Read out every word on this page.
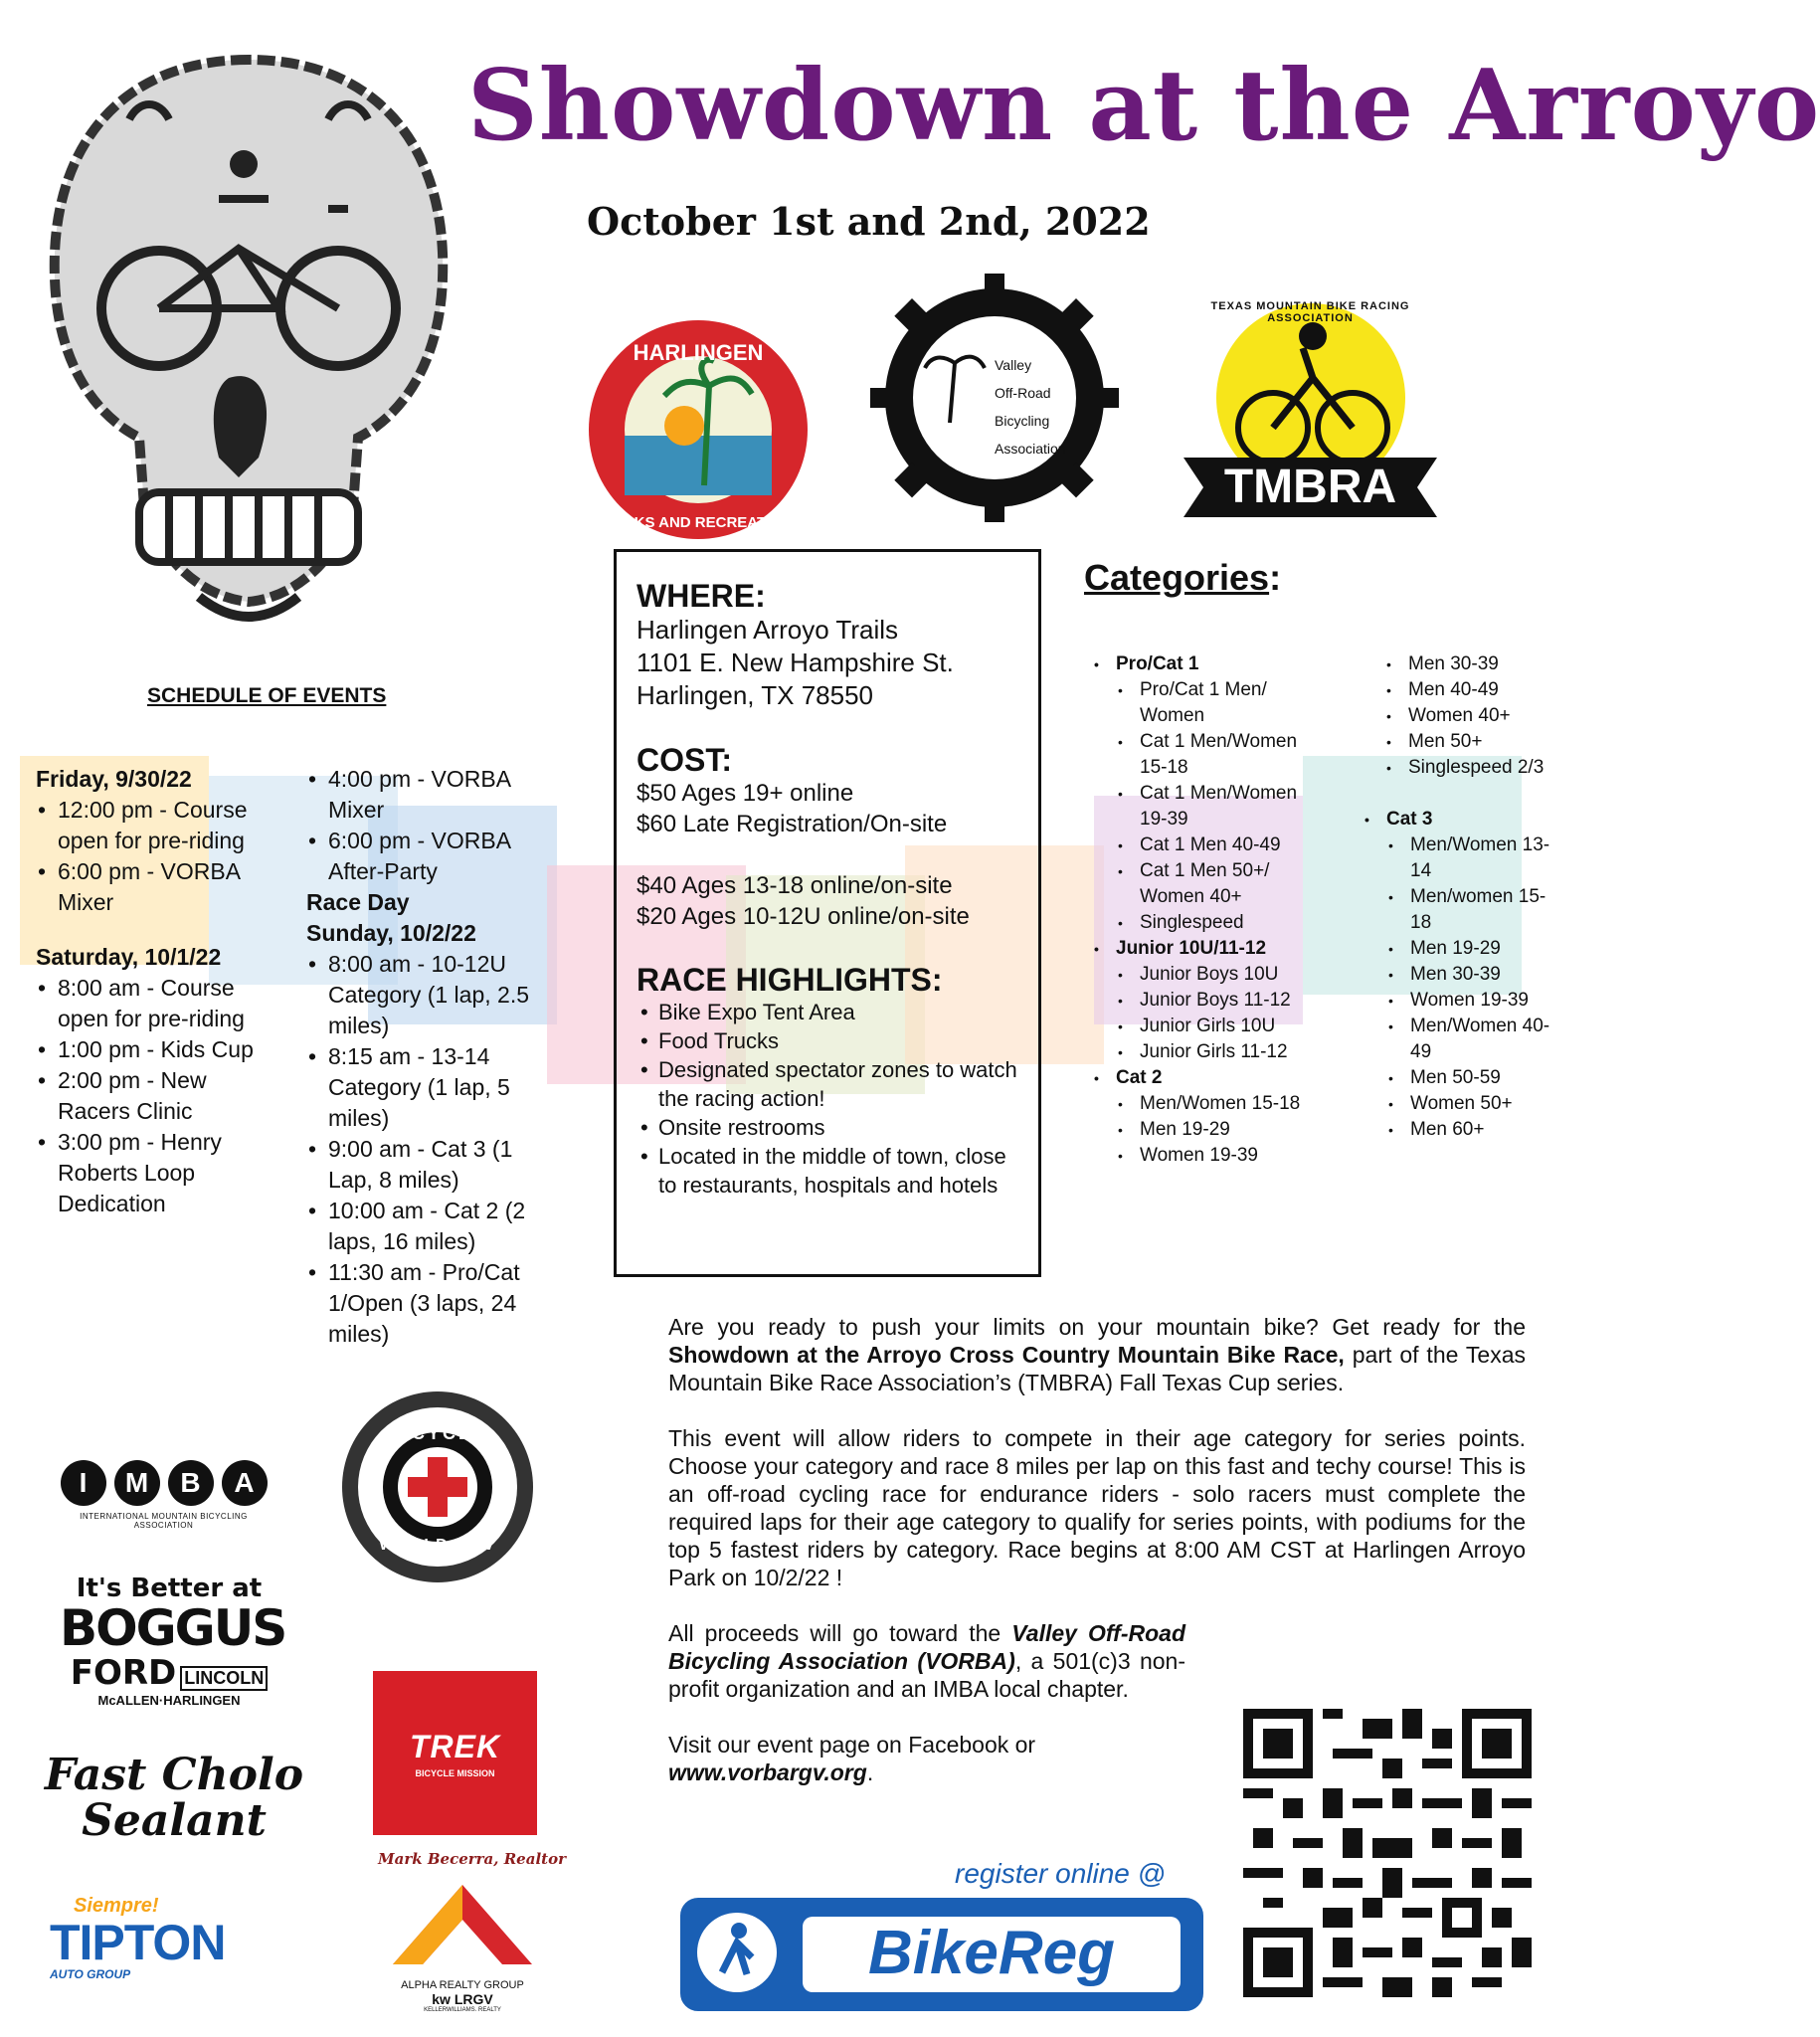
Showdown at the Arroyo
October 1st and 2nd, 2022
HARLINGEN
PARKS AND RECREATION
Valley
Off-Road
Bicycling
Association
TEXAS MOUNTAIN BIKE RACING ASSOCIATION
TMBRA
SCHEDULE OF EVENTS
Friday, 9/30/22
• 12:00 pm - Course open for pre-riding
• 6:00 pm - VORBA Mixer
Saturday, 10/1/22
• 8:00 am - Course open for pre-riding
• 1:00 pm - Kids Cup
• 2:00 pm - New Racers Clinic
• 3:00 pm - Henry Roberts Loop Dedication
• 4:00 pm - VORBA Mixer
• 6:00 pm - VORBA After-Party
Race Day
Sunday, 10/2/22
• 8:00 am - 10-12U Category (1 lap, 2.5 miles)
• 8:15 am - 13-14 Category (1 lap, 5 miles)
• 9:00 am - Cat 3 (1 Lap, 8 miles)
• 10:00 am - Cat 2 (2 laps, 16 miles)
• 11:30 am - Pro/Cat 1/Open (3 laps, 24 miles)
WHERE:
Harlingen Arroyo Trails
1101 E. New Hampshire St.
Harlingen, TX 78550
COST:
$50 Ages 19+ online
$60 Late Registration/On-site
$40 Ages 13-18 online/on-site
$20 Ages 10-12U online/on-site
RACE HIGHLIGHTS:
• Bike Expo Tent Area
• Food Trucks
• Designated spectator zones to watch the racing action!
• Onsite restrooms
• Located in the middle of town, close to restaurants, hospitals and hotels
Categories:
• Pro/Cat 1
• Pro/Cat 1 Men/ Women
• Cat 1 Men/Women 15-18
• Cat 1 Men/Women 19-39
• Cat 1 Men 40-49
• Cat 1 Men 50+/ Women 40+
• Singlespeed
• Junior 10U/11-12
• Junior Boys 10U
• Junior Boys 11-12
• Junior Girls 10U
• Junior Girls 11-12
• Cat 2
• Men/Women 15-18
• Men 19-29
• Women 19-39
• Men 30-39
• Men 40-49
• Women 40+
• Men 50+
• Singlespeed 2/3
• Cat 3
• Men/Women 13-14
• Men/women 15-18
• Men 19-29
• Men 30-39
• Women 19-39
• Men/Women 40-49
• Men 50-59
• Women 50+
• Men 60+

Are you ready to push your limits on your mountain bike? Get ready for the Showdown at the Arroyo Cross Country Mountain Bike Race, part of the Texas Mountain Bike Race Association’s (TMBRA) Fall Texas Cup series.

This event will allow riders to compete in their age category for series points. Choose your category and race 8 miles per lap on this fast and techy course! This is an off-road cycling race for endurance riders - solo racers must complete the required laps for their age category to qualify for series points, with podiums for the top 5 fastest riders by category. Race begins at 8:00 AM CST at Harlingen Arroyo Park on 10/2/22 !

All proceeds will go toward the Valley Off-Road Bicycling Association (VORBA), a 501(c)3 non-profit organization and an IMBA local chapter.

Visit our event page on Facebook or www.vorbargv.org.

I	M	B	A
INTERNATIONAL MOUNTAIN BICYCLING ASSOCIATION
BICYCLE
WORLD RGV
SINCE	1977
It's Better at
BOGGUS
FORD LINCOLN
McALLEN·HARLINGEN
Fast Cholo
Sealant
Siempre!
TIPTON
AUTO GROUP
TREK
BICYCLE MISSION
Mark Becerra, Realtor
ALPHA REALTY GROUP
kw LRGV
KELLERWILLIAMS. REALTY
register online @
BikeReg
